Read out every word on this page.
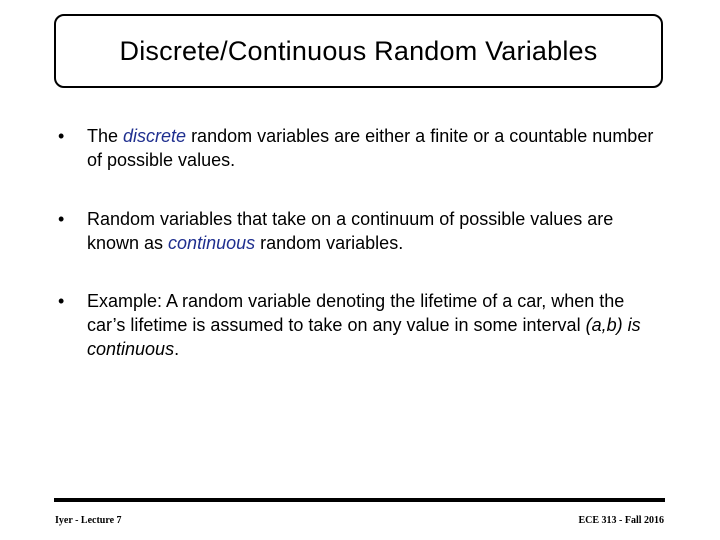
Discrete/Continuous Random Variables
•	The discrete random variables are either a finite or a countable number of possible values.
•	Random variables that take on a continuum of possible values are known as continuous random variables.
•	Example: A random variable denoting the lifetime of a car, when the car’s lifetime is assumed to take on any value in some interval (a,b) is continuous.
Iyer - Lecture 7	ECE 313 - Fall 2016
